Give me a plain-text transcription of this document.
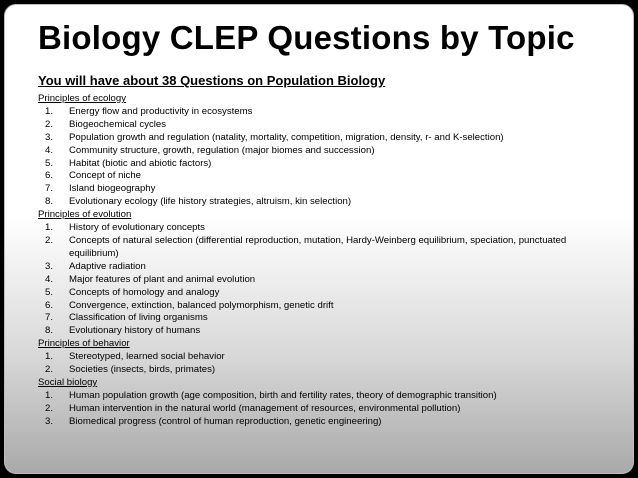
Biology CLEP Questions by Topic
You will have about 38 Questions on Population Biology
Principles of ecology
1.	Energy flow and productivity in ecosystems
2.	Biogeochemical cycles
3.	Population growth and regulation (natality, mortality, competition, migration, density, r- and K-selection)
4.	Community structure, growth, regulation (major biomes and succession)
5.	Habitat (biotic and abiotic factors)
6.	Concept of niche
7.	Island biogeography
8.	Evolutionary ecology (life history strategies, altruism, kin selection)
Principles of evolution
1.	History of evolutionary concepts
2.	Concepts of natural selection (differential reproduction, mutation, Hardy-Weinberg equilibrium, speciation, punctuated equilibrium)
3.	Adaptive radiation
4.	Major features of plant and animal evolution
5.	Concepts of homology and analogy
6.	Convergence, extinction, balanced polymorphism, genetic drift
7.	Classification of living organisms
8.	Evolutionary history of humans
Principles of behavior
1.	Stereotyped, learned social behavior
2.	Societies (insects, birds, primates)
Social biology
1.	Human population growth (age composition, birth and fertility rates, theory of demographic transition)
2.	Human intervention in the natural world (management of resources, environmental pollution)
3.	Biomedical progress (control of human reproduction, genetic engineering)
